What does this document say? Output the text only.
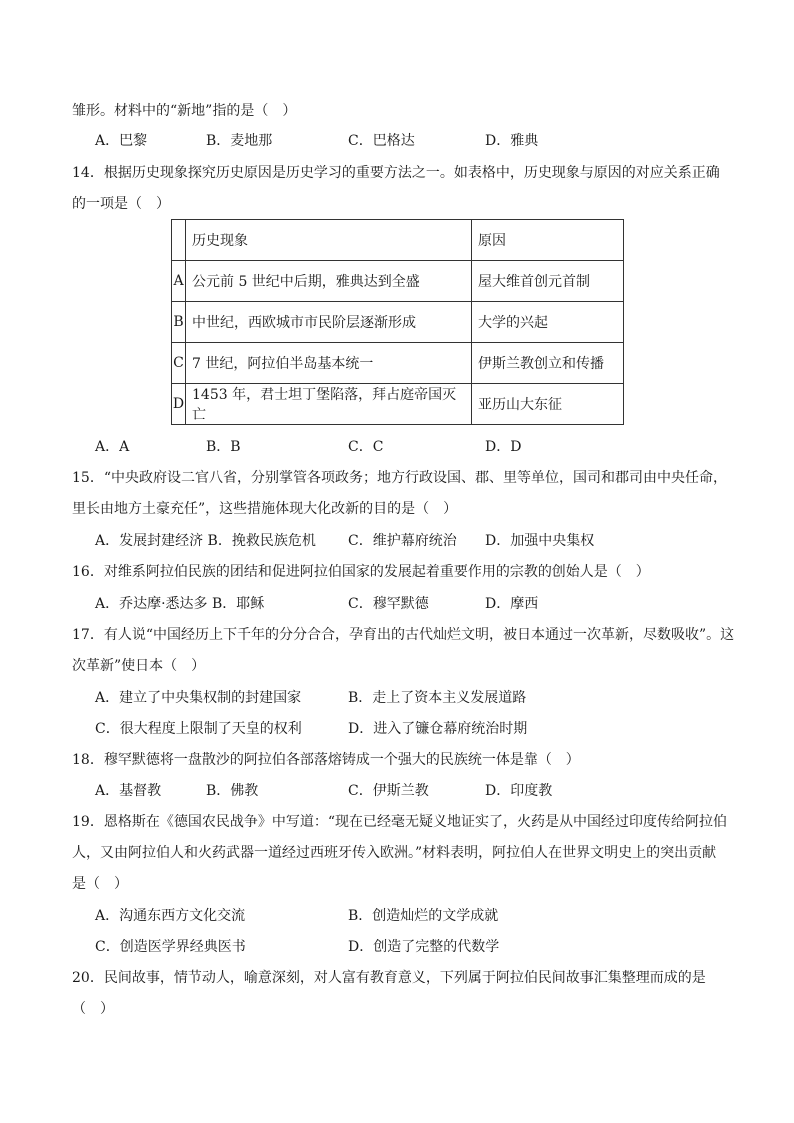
雏形。材料中的“新地”指的是（　）
A．巴黎	B．麦地那	C．巴格达	D．雅典
14．根据历史现象探究历史原因是历史学习的重要方法之一。如表格中，历史现象与原因的对应关系正确
的一项是（　）
	历史现象	原因
A	公元前 5 世纪中后期，雅典达到全盛	屋大维首创元首制
B	中世纪，西欧城市市民阶层逐渐形成	大学的兴起
C	7 世纪，阿拉伯半岛基本统一	伊斯兰教创立和传播
D	1453 年，君士坦丁堡陷落，拜占庭帝国灭亡	亚历山大东征
A．A	B．B	C．C	D．D
15．“中央政府设二官八省，分别掌管各项政务；地方行政设国、郡、里等单位，国司和郡司由中央任命，
里长由地方土豪充任”，这些措施体现大化改新的目的是（　）
A．发展封建经济 B．挽救民族危机 C．维护幕府统治 D．加强中央集权
16．对维系阿拉伯民族的团结和促进阿拉伯国家的发展起着重要作用的宗教的创始人是（　）
A．乔达摩·悉达多 B．耶稣	C．穆罕默德	D．摩西
17．有人说“中国经历上下千年的分分合合，孕育出的古代灿烂文明，被日本通过一次革新，尽数吸收”。这
次革新”使日本（　）
A．建立了中央集权制的封建国家	B．走上了资本主义发展道路
C．很大程度上限制了天皇的权利	D．进入了镰仓幕府统治时期
18．穆罕默德将一盘散沙的阿拉伯各部落熔铸成一个强大的民族统一体是靠（　）
A．基督教	B．佛教	C．伊斯兰教	D．印度教
19．恩格斯在《德国农民战争》中写道：“现在已经毫无疑义地证实了，火药是从中国经过印度传给阿拉伯
人，又由阿拉伯人和火药武器一道经过西班牙传入欧洲。”材料表明，阿拉伯人在世界文明史上的突出贡献
是（　）
A．沟通东西方文化交流	B．创造灿烂的文学成就
C．创造医学界经典医书	D．创造了完整的代数学
20．民间故事，情节动人，喻意深刻，对人富有教育意义，下列属于阿拉伯民间故事汇集整理而成的是
（　）
